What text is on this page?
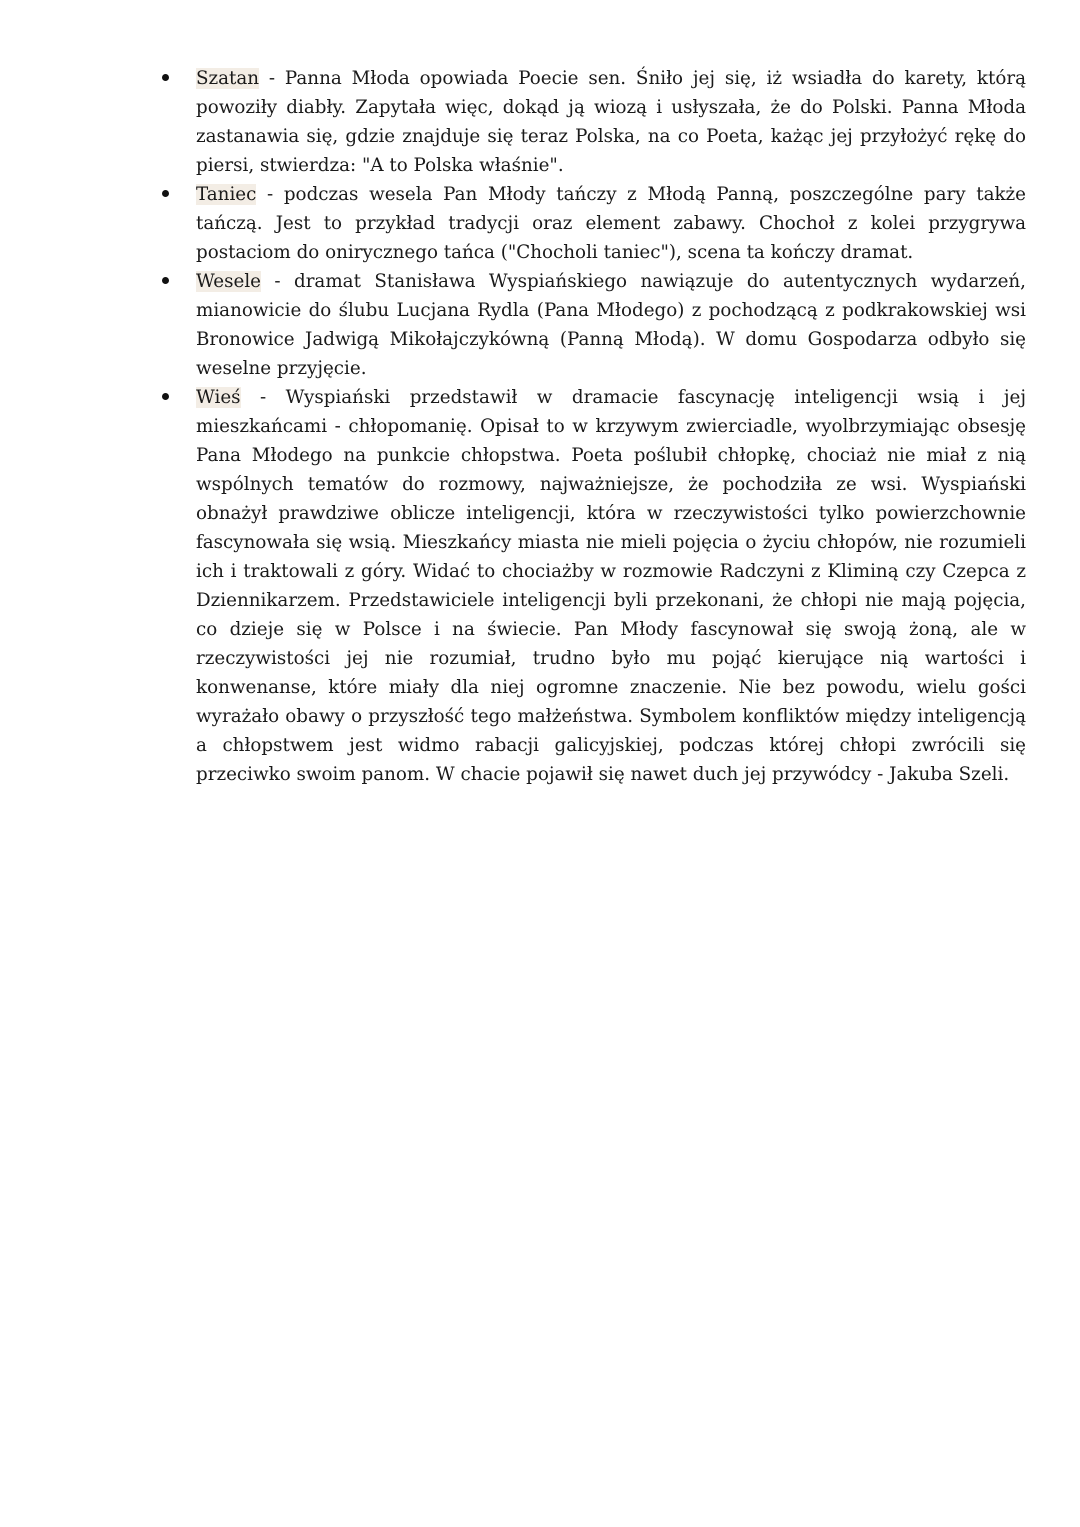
Szatan - Panna Młoda opowiada Poecie sen. Śniło jej się, iż wsiadła do karety, którą powoziły diabły. Zapytała więc, dokąd ją wiozą i usłyszała, że do Polski. Panna Młoda zastanawia się, gdzie znajduje się teraz Polska, na co Poeta, każąc jej przyłożyć rękę do piersi, stwierdza: "A to Polska właśnie".
Taniec - podczas wesela Pan Młody tańczy z Młodą Panną, poszczególne pary także tańczą. Jest to przykład tradycji oraz element zabawy. Chochoł z kolei przygrywa postaciom do onirycznego tańca ("Chocholi taniec"), scena ta kończy dramat.
Wesele - dramat Stanisława Wyspiańskiego nawiązuje do autentycznych wydarzeń, mianowicie do ślubu Lucjana Rydla (Pana Młodego) z pochodzącą z podkrakowskiej wsi Bronowice Jadwigą Mikołajczykówną (Panną Młodą). W domu Gospodarza odbyło się weselne przyjęcie.
Wieś - Wyspiański przedstawił w dramacie fascynację inteligencji wsią i jej mieszkańcami - chłopomanię. Opisał to w krzywym zwierciadle, wyolbrzymiając obsesję Pana Młodego na punkcie chłopstwa. Poeta poślubił chłopkę, chociaż nie miał z nią wspólnych tematów do rozmowy, najważniejsze, że pochodziła ze wsi. Wyspiański obnażył prawdziwe oblicze inteligencji, która w rzeczywistości tylko powierzchownie fascynowała się wsią. Mieszkańcy miasta nie mieli pojęcia o życiu chłopów, nie rozumieli ich i traktowali z góry. Widać to chociażby w rozmowie Radczyni z Kliminą czy Czepca z Dziennikarzem. Przedstawiciele inteligencji byli przekonani, że chłopi nie mają pojęcia, co dzieje się w Polsce i na świecie. Pan Młody fascynował się swoją żoną, ale w rzeczywistości jej nie rozumiał, trudno było mu pojąć kierujące nią wartości i konwenanse, które miały dla niej ogromne znaczenie. Nie bez powodu, wielu gości wyrażało obawy o przyszłość tego małżeństwa. Symbolem konfliktów między inteligencją a chłopstwem jest widmo rabacji galicyjskiej, podczas której chłopi zwrócili się przeciwko swoim panom. W chacie pojawił się nawet duch jej przywódcy - Jakuba Szeli.
